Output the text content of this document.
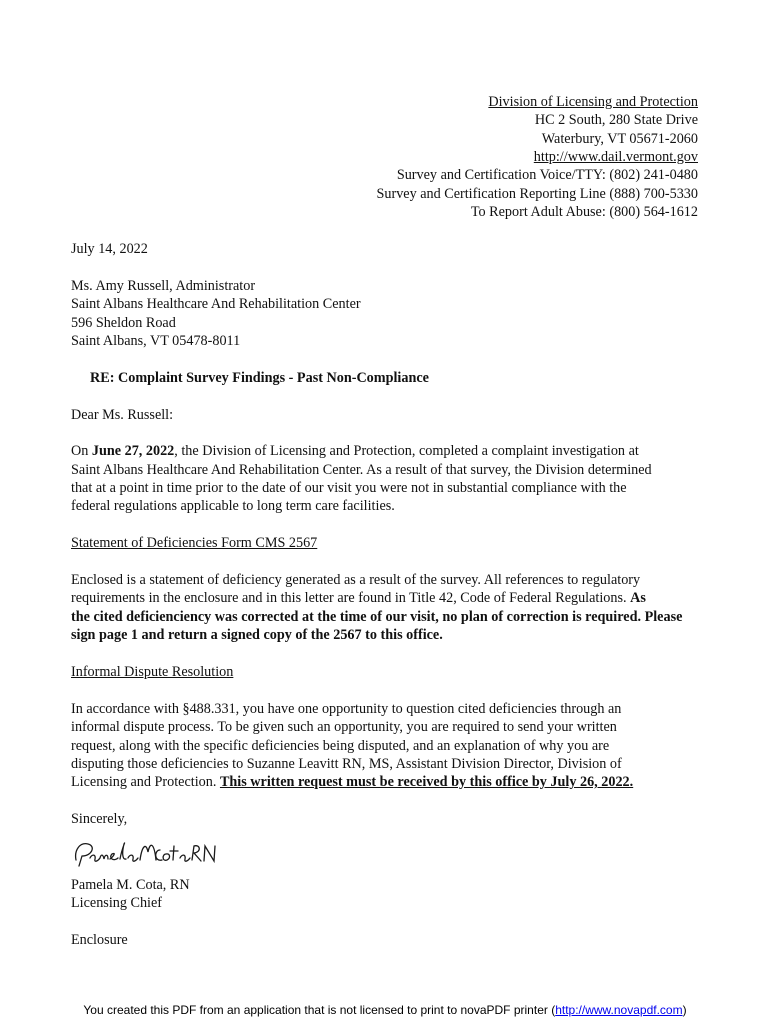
Division of Licensing and Protection
HC 2 South, 280 State Drive
Waterbury, VT 05671-2060
http://www.dail.vermont.gov
Survey and Certification Voice/TTY: (802) 241-0480
Survey and Certification Reporting Line (888) 700-5330
To Report Adult Abuse: (800) 564-1612
July 14, 2022
Ms. Amy Russell, Administrator
Saint Albans Healthcare And Rehabilitation Center
596 Sheldon Road
Saint Albans, VT 05478-8011
RE: Complaint Survey Findings - Past Non-Compliance
Dear Ms. Russell:
On June 27, 2022, the Division of Licensing and Protection, completed a complaint investigation at
Saint Albans Healthcare And Rehabilitation Center. As a result of that survey, the Division determined
that at a point in time prior to the date of our visit you were not in substantial compliance with the
federal regulations applicable to long term care facilities.
Statement of Deficiencies Form CMS 2567
Enclosed is a statement of deficiency generated as a result of the survey. All references to regulatory
requirements in the enclosure and in this letter are found in Title 42, Code of Federal Regulations. As
the cited deficienciency was corrected at the time of our visit, no plan of correction is required. Please
sign page 1 and return a signed copy of the 2567 to this office.
Informal Dispute Resolution
In accordance with §488.331, you have one opportunity to question cited deficiencies through an
informal dispute process. To be given such an opportunity, you are required to send your written
request, along with the specific deficiencies being disputed, and an explanation of why you are
disputing those deficiencies to Suzanne Leavitt RN, MS, Assistant Division Director, Division of
Licensing and Protection. This written request must be received by this office by July 26, 2022.
Sincerely,
Pamela M. Cota, RN
Licensing Chief
Enclosure
You created this PDF from an application that is not licensed to print to novaPDF printer (http://www.novapdf.com)
